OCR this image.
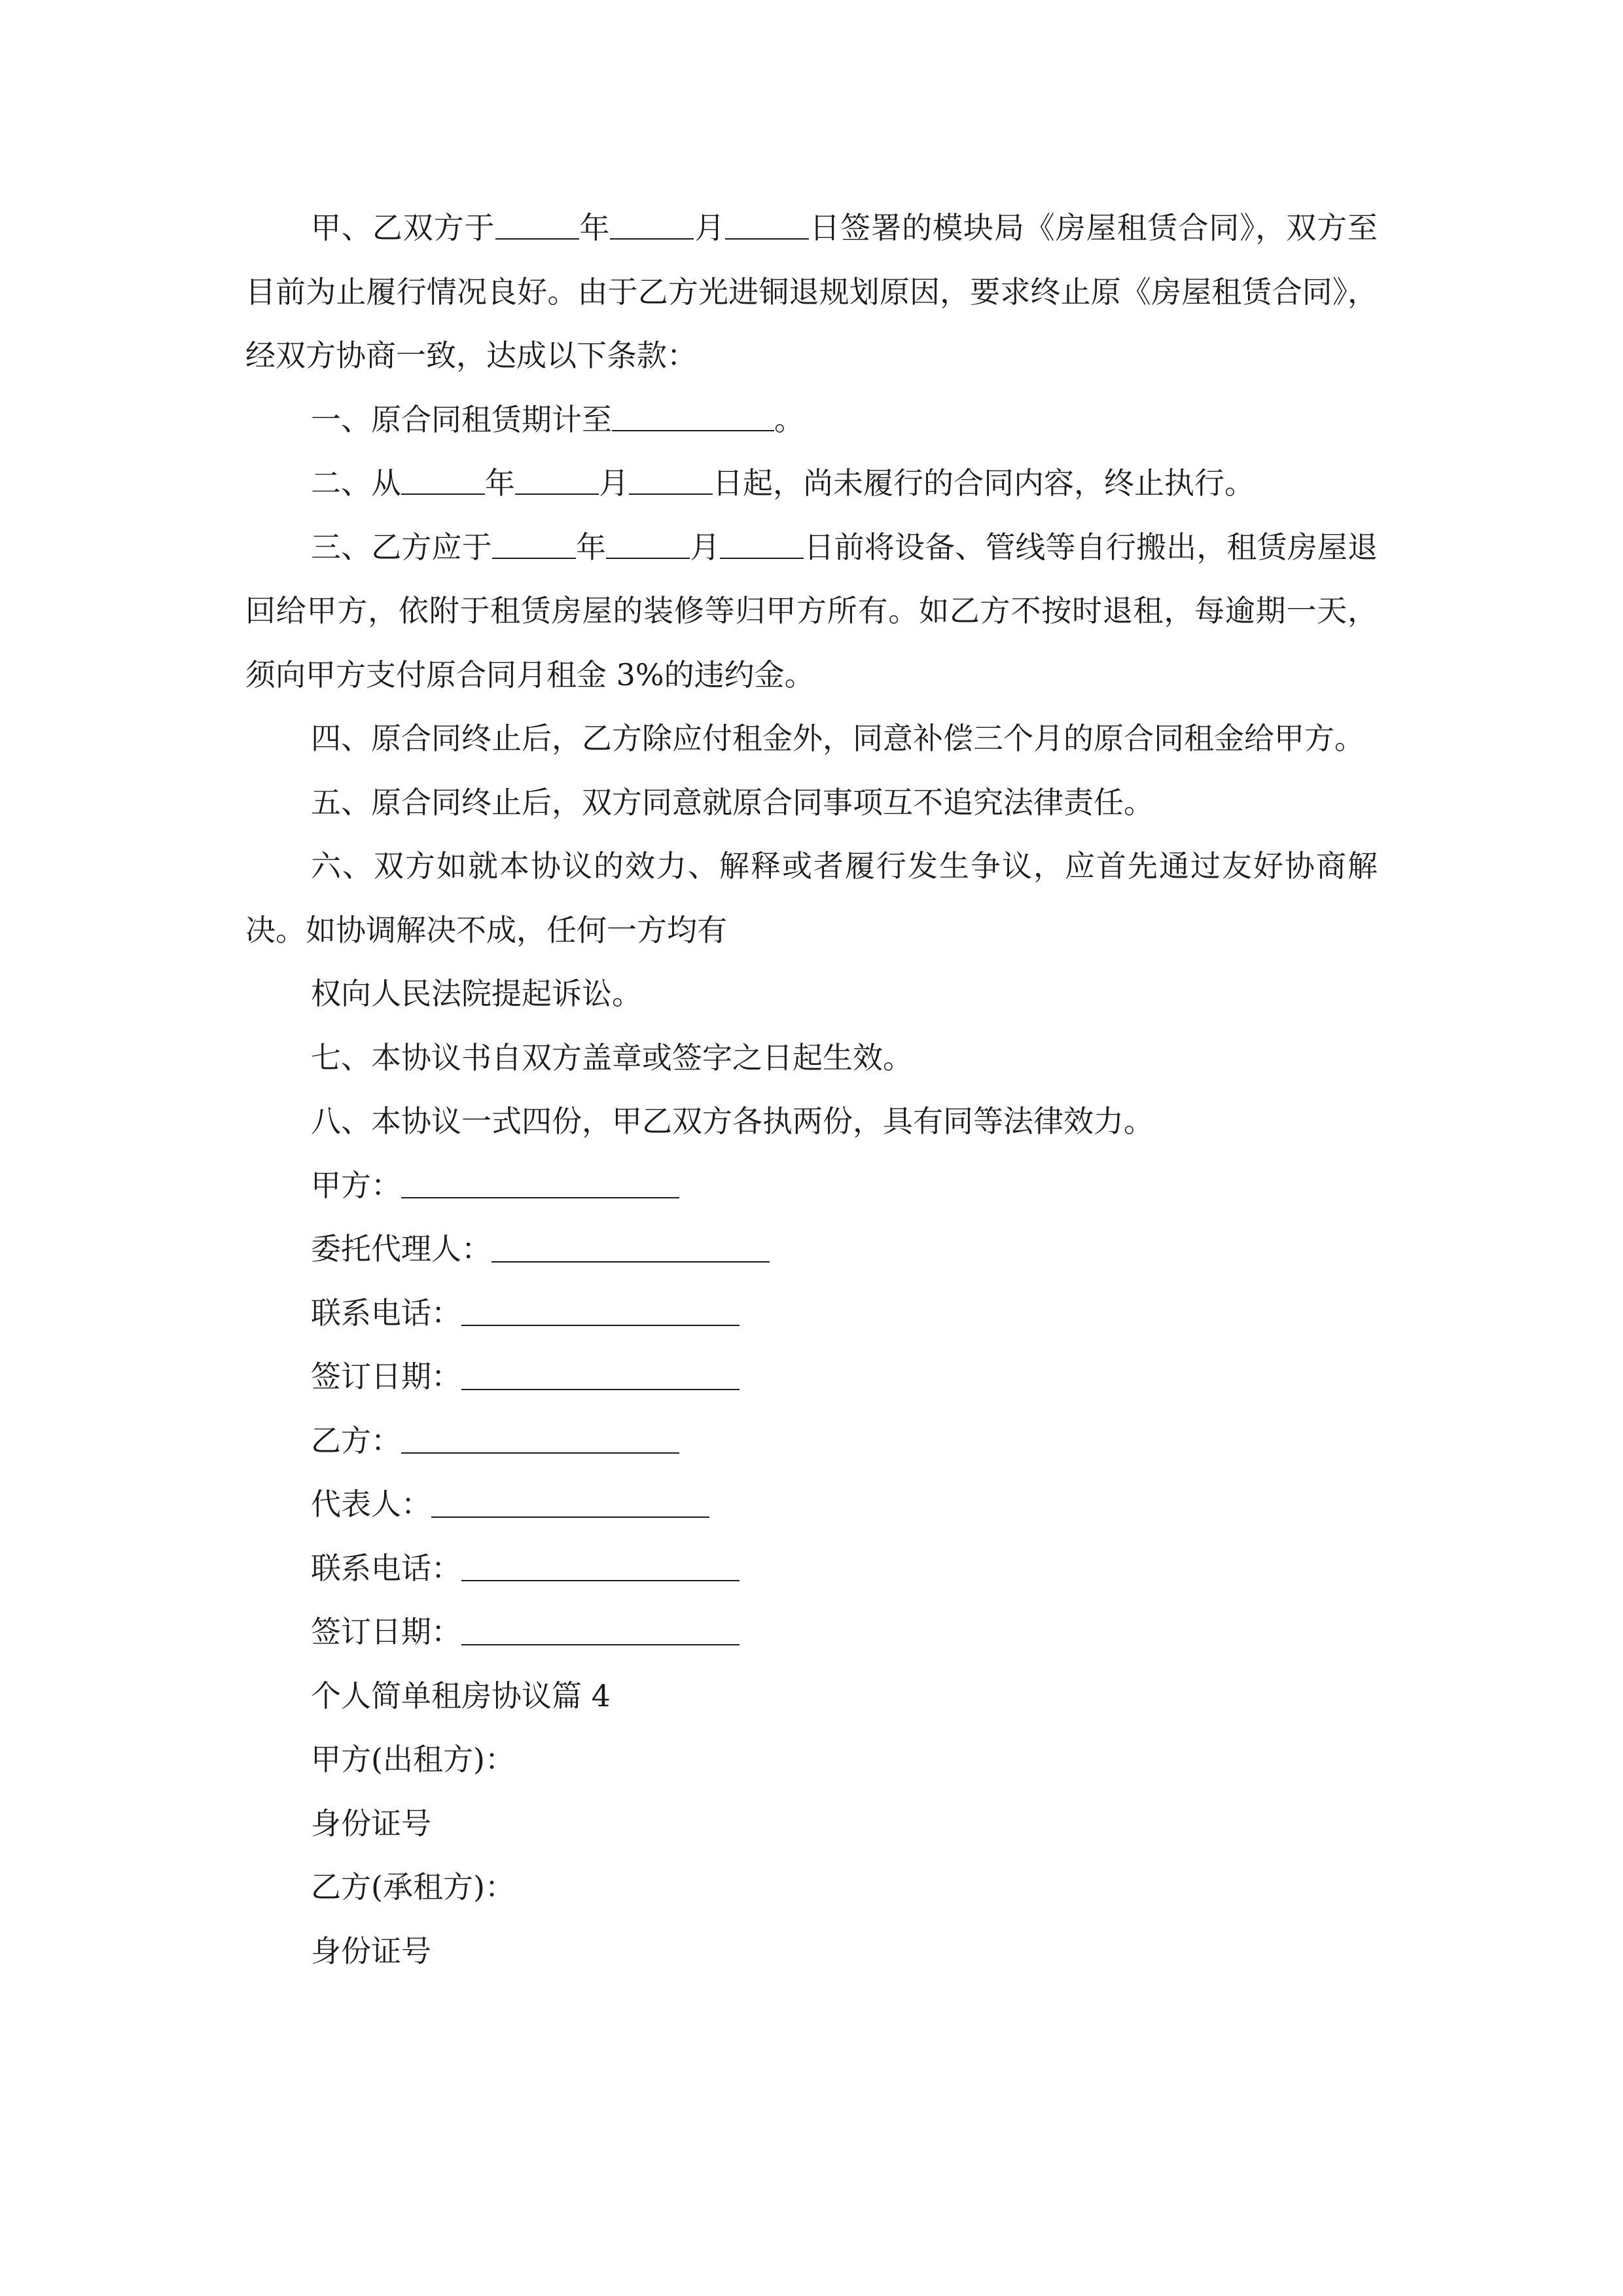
甲、乙双方于	年	月	日签署的模块局《房屋租赁合同》，双方至目前为止履行情况良好。由于乙方光进铜退规划原因，要求终止原《房屋租赁合同》，经双方协商一致，达成以下条款：

一、原合同租赁期计至	。

二、从	年	月	日起，尚未履行的合同内容，终止执行。

三、乙方应于	年	月	日前将设备、管线等自行搬出，租赁房屋退回给甲方，依附于租赁房屋的装修等归甲方所有。如乙方不按时退租，每逾期一天，须向甲方支付原合同月租金 3%的违约金。

四、原合同终止后，乙方除应付租金外，同意补偿三个月的原合同租金给甲方。

五、原合同终止后，双方同意就原合同事项互不追究法律责任。

六、双方如就本协议的效力、解释或者履行发生争议，应首先通过友好协商解决。如协调解决不成，任何一方均有

权向人民法院提起诉讼。

七、本协议书自双方盖章或签字之日起生效。

八、本协议一式四份，甲乙双方各执两份，具有同等法律效力。

甲方：

委托代理人：

联系电话：

签订日期：

乙方：

代表人：

联系电话：

签订日期：

个人简单租房协议篇 4

甲方(出租方)：

身份证号

乙方(承租方)：

身份证号
